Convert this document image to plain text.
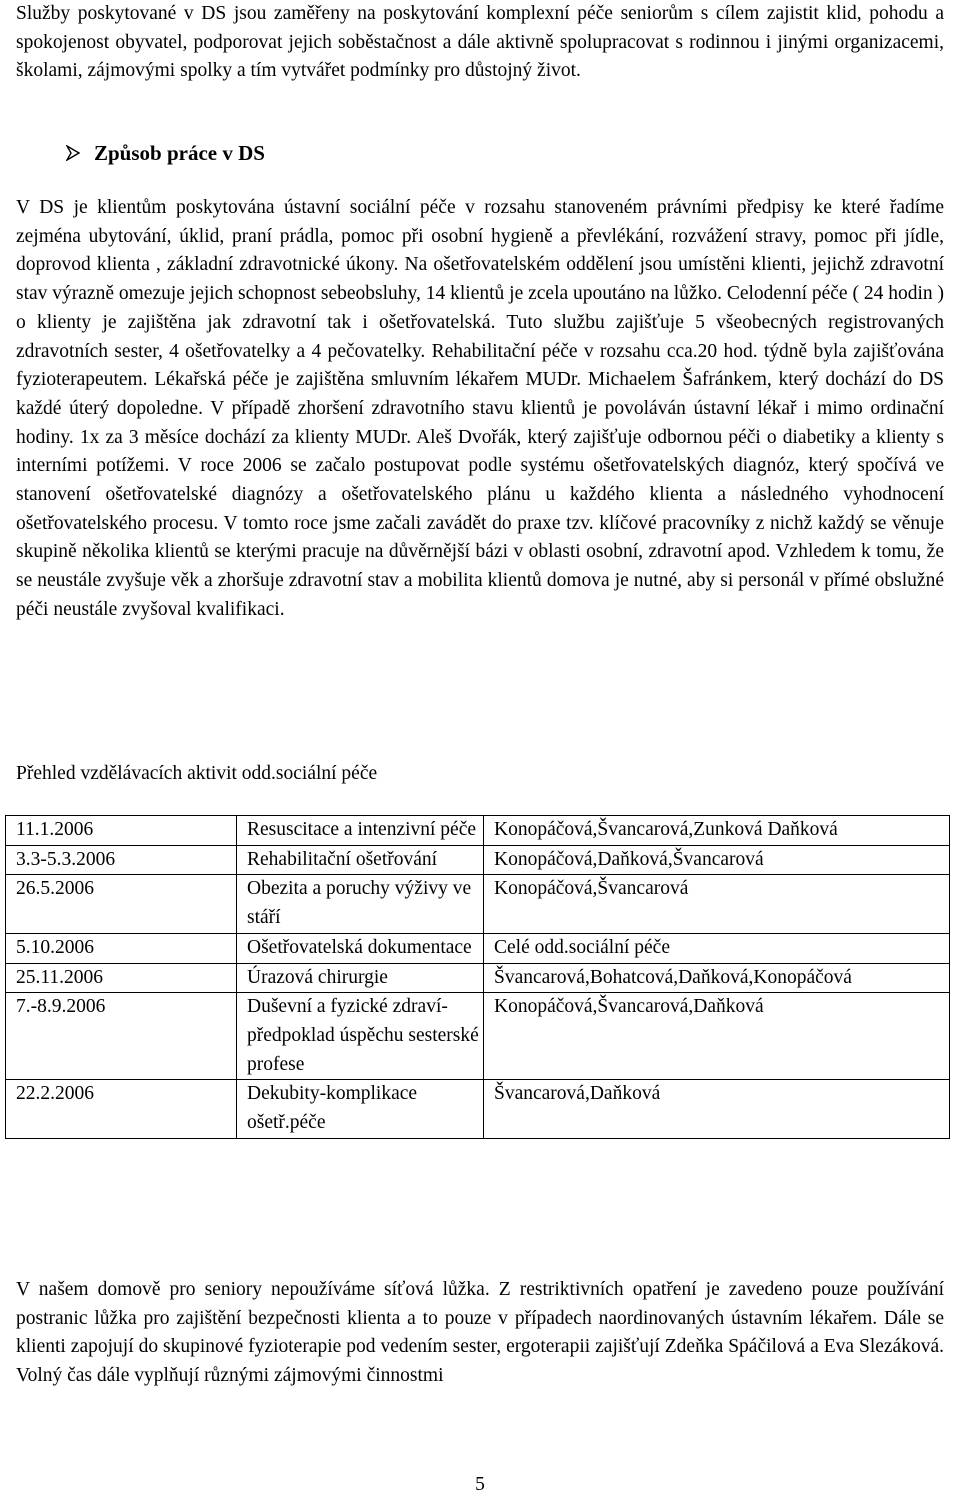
Služby poskytované v DS jsou zaměřeny na poskytování komplexní péče seniorům s cílem zajistit klid, pohodu a spokojenost obyvatel, podporovat jejich soběstačnost a dále aktivně spolupracovat s rodinnou i jinými organizacemi, školami, zájmovými spolky a tím vytvářet podmínky pro důstojný život.

Způsob práce v DS

V DS je klientům poskytována ústavní sociální péče v rozsahu stanoveném právními předpisy ke které řadíme zejména ubytování, úklid, praní prádla, pomoc při osobní hygieně a převlékání, rozvážení stravy, pomoc při jídle, doprovod klienta , základní zdravotnické úkony. Na ošetřovatelském oddělení jsou umístěni klienti, jejichž zdravotní stav výrazně omezuje jejich schopnost sebeobsluhy, 14 klientů je zcela upoutáno na lůžko. Celodenní péče ( 24 hodin ) o klienty je zajištěna jak zdravotní tak i ošetřovatelská. Tuto službu zajišťuje 5 všeobecných registrovaných zdravotních sester, 4 ošetřovatelky a 4 pečovatelky. Rehabilitační péče v rozsahu cca.20 hod. týdně byla zajišťována fyzioterapeutem. Lékařská péče je zajištěna smluvním lékařem MUDr. Michaelem Šafránkem, který dochází do DS každé úterý dopoledne. V případě zhoršení zdravotního stavu klientů je povoláván ústavní lékař i mimo ordinační hodiny. 1x za 3 měsíce dochází za klienty MUDr. Aleš Dvořák, který zajišťuje odbornou péči o diabetiky a klienty s interními potížemi. V roce 2006 se začalo postupovat podle systému ošetřovatelských diagnóz, který spočívá ve stanovení ošetřovatelské diagnózy a ošetřovatelského plánu u každého klienta a následného vyhodnocení ošetřovatelského procesu. V tomto roce jsme začali zavádět do praxe tzv. klíčové pracovníky z nichž každý se věnuje skupině několika klientů se kterými pracuje na důvěrnější bázi v oblasti osobní, zdravotní apod. Vzhledem k tomu, že se neustále zvyšuje věk a zhoršuje zdravotní stav a mobilita klientů domova je nutné, aby si personál v přímé obslužné péči neustále zvyšoval kvalifikaci.

Přehled vzdělávacích aktivit odd.sociální péče

11.1.2006	Resuscitace a intenzivní péče	Konopáčová,Švancarová,Zunková Daňková
3.3-5.3.2006	Rehabilitační ošetřování	Konopáčová,Daňková,Švancarová
26.5.2006	Obezita a poruchy výživy ve stáří	Konopáčová,Švancarová
5.10.2006	Ošetřovatelská dokumentace	Celé odd.sociální péče
25.11.2006	Úrazová chirurgie	Švancarová,Bohatcová,Daňková,Konopáčová
7.-8.9.2006	Duševní a fyzické zdraví-předpoklad úspěchu sesterské profese	Konopáčová,Švancarová,Daňková
22.2.2006	Dekubity-komplikace ošetř.péče	Švancarová,Daňková

V našem domově pro seniory nepoužíváme síťová lůžka. Z restriktivních opatření je zavedeno pouze používání postranic lůžka pro zajištění bezpečnosti klienta a to pouze v případech naordinovaných ústavním lékařem. Dále se klienti zapojují do skupinové fyzioterapie pod vedením sester, ergoterapii zajišťují Zdeňka Spáčilová a Eva Slezáková. Volný čas dále vyplňují různými zájmovými činnostmi

5
